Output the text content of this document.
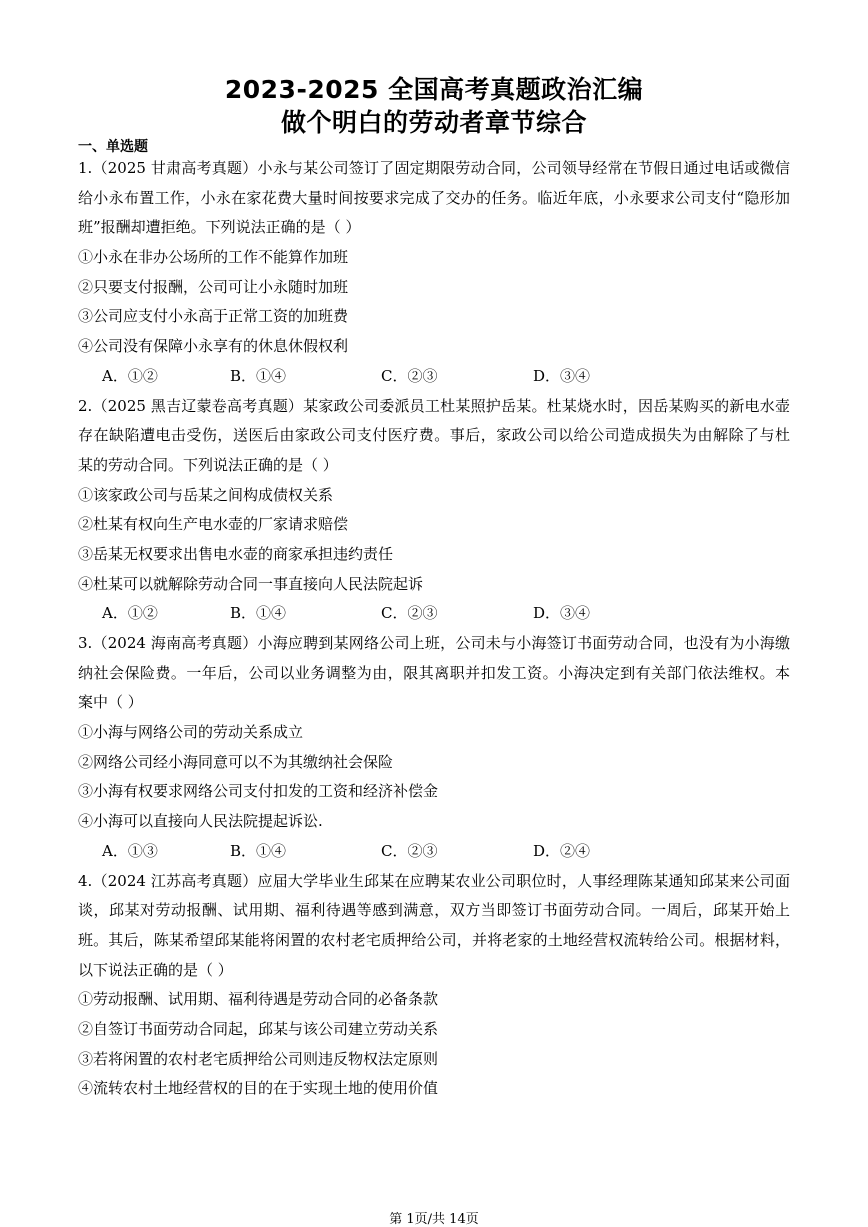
2023-2025 全国高考真题政治汇编
做个明白的劳动者章节综合
一、单选题
1.（2025 甘肃高考真题）小永与某公司签订了固定期限劳动合同，公司领导经常在节假日通过电话或微信
给小永布置工作，小永在家花费大量时间按要求完成了交办的任务。临近年底，小永要求公司支付“隐形加
班”报酬却遭拒绝。下列说法正确的是（ ）
①小永在非办公场所的工作不能算作加班
②只要支付报酬，公司可让小永随时加班
③公司应支付小永高于正常工资的加班费
④公司没有保障小永享有的休息休假权利
A．①②	B．①④	C．②③	D．③④
2.（2025 黑吉辽蒙卷高考真题）某家政公司委派员工杜某照护岳某。杜某烧水时，因岳某购买的新电水壶
存在缺陷遭电击受伤，送医后由家政公司支付医疗费。事后，家政公司以给公司造成损失为由解除了与杜
某的劳动合同。下列说法正确的是（ ）
①该家政公司与岳某之间构成债权关系
②杜某有权向生产电水壶的厂家请求赔偿
③岳某无权要求出售电水壶的商家承担违约责任
④杜某可以就解除劳动合同一事直接向人民法院起诉
A．①②	B．①④	C．②③	D．③④
3.（2024 海南高考真题）小海应聘到某网络公司上班，公司未与小海签订书面劳动合同，也没有为小海缴
纳社会保险费。一年后，公司以业务调整为由，限其离职并扣发工资。小海决定到有关部门依法维权。本
案中（ ）
①小海与网络公司的劳动关系成立
②网络公司经小海同意可以不为其缴纳社会保险
③小海有权要求网络公司支付扣发的工资和经济补偿金
④小海可以直接向人民法院提起诉讼.
A．①③	B．①④	C．②③	D．②④
4.（2024 江苏高考真题）应届大学毕业生邱某在应聘某农业公司职位时，人事经理陈某通知邱某来公司面
谈，邱某对劳动报酬、试用期、福利待遇等感到满意，双方当即签订书面劳动合同。一周后，邱某开始上
班。其后，陈某希望邱某能将闲置的农村老宅质押给公司，并将老家的土地经营权流转给公司。根据材料，
以下说法正确的是（ ）
①劳动报酬、试用期、福利待遇是劳动合同的必备条款
②自签订书面劳动合同起，邱某与该公司建立劳动关系
③若将闲置的农村老宅质押给公司则违反物权法定原则
④流转农村土地经营权的目的在于实现土地的使用价值
第 1页/共 14页
